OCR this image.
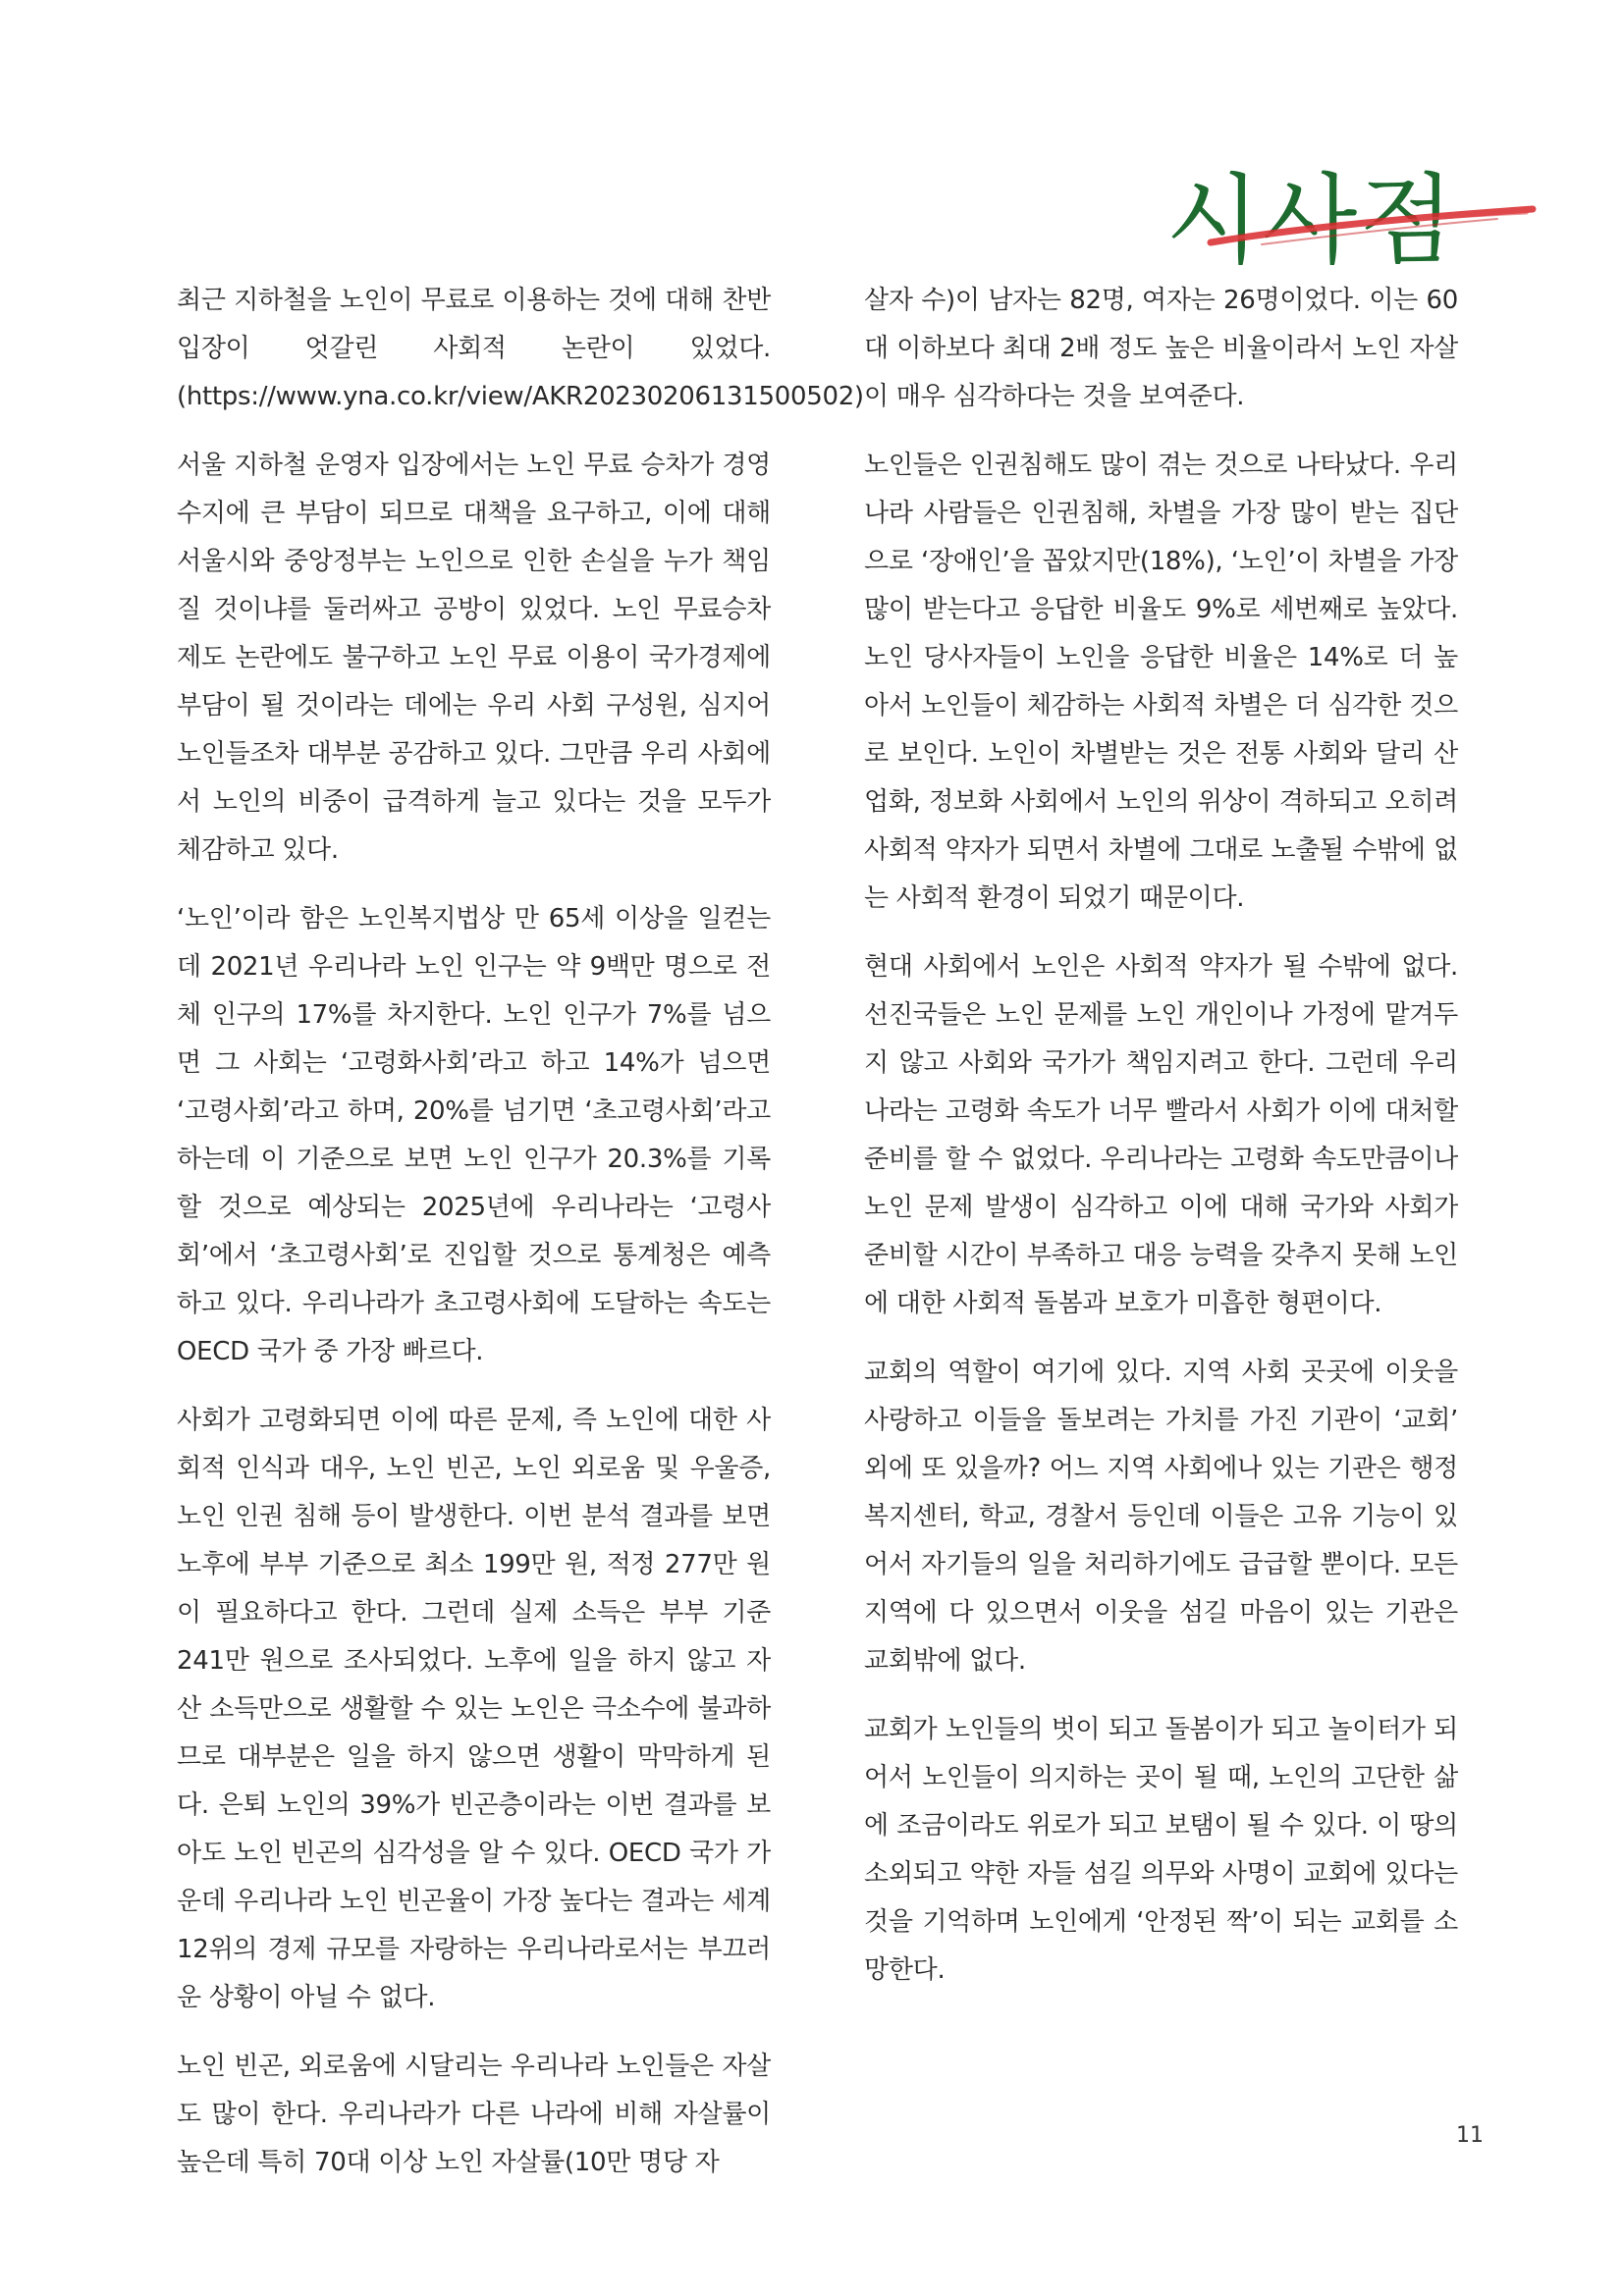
시사점

최근 지하철을 노인이 무료로 이용하는 것에 대해 찬반 입장이 엇갈린 사회적 논란이 있었다. (https://www.yna.co.kr/view/AKR20230206131500502)

서울 지하철 운영자 입장에서는 노인 무료 승차가 경영 수지에 큰 부담이 되므로 대책을 요구하고, 이에 대해 서울시와 중앙정부는 노인으로 인한 손실을 누가 책임질 것이냐를 둘러싸고 공방이 있었다. 노인 무료승차 제도 논란에도 불구하고 노인 무료 이용이 국가경제에 부담이 될 것이라는 데에는 우리 사회 구성원, 심지어 노인들조차 대부분 공감하고 있다. 그만큼 우리 사회에서 노인의 비중이 급격하게 늘고 있다는 것을 모두가 체감하고 있다.

‘노인’이라 함은 노인복지법상 만 65세 이상을 일컫는데 2021년 우리나라 노인 인구는 약 9백만 명으로 전체 인구의 17%를 차지한다. 노인 인구가 7%를 넘으면 그 사회는 ‘고령화사회’라고 하고 14%가 넘으면 ‘고령사회’라고 하며, 20%를 넘기면 ‘초고령사회’라고 하는데 이 기준으로 보면 노인 인구가 20.3%를 기록할 것으로 예상되는 2025년에 우리나라는 ‘고령사회’에서 ‘초고령사회’로 진입할 것으로 통계청은 예측하고 있다. 우리나라가 초고령사회에 도달하는 속도는 OECD 국가 중 가장 빠르다.

사회가 고령화되면 이에 따른 문제, 즉 노인에 대한 사회적 인식과 대우, 노인 빈곤, 노인 외로움 및 우울증, 노인 인권 침해 등이 발생한다. 이번 분석 결과를 보면 노후에 부부 기준으로 최소 199만 원, 적정 277만 원이 필요하다고 한다. 그런데 실제 소득은 부부 기준 241만 원으로 조사되었다. 노후에 일을 하지 않고 자산 소득만으로 생활할 수 있는 노인은 극소수에 불과하므로 대부분은 일을 하지 않으면 생활이 막막하게 된다. 은퇴 노인의 39%가 빈곤층이라는 이번 결과를 보아도 노인 빈곤의 심각성을 알 수 있다. OECD 국가 가운데 우리나라 노인 빈곤율이 가장 높다는 결과는 세계 12위의 경제 규모를 자랑하는 우리나라로서는 부끄러운 상황이 아닐 수 없다.

노인 빈곤, 외로움에 시달리는 우리나라 노인들은 자살도 많이 한다. 우리나라가 다른 나라에 비해 자살률이 높은데 특히 70대 이상 노인 자살률(10만 명당 자

살자 수)이 남자는 82명, 여자는 26명이었다. 이는 60대 이하보다 최대 2배 정도 높은 비율이라서 노인 자살이 매우 심각하다는 것을 보여준다.

노인들은 인권침해도 많이 겪는 것으로 나타났다. 우리나라 사람들은 인권침해, 차별을 가장 많이 받는 집단으로 ‘장애인’을 꼽았지만(18%), ‘노인’이 차별을 가장 많이 받는다고 응답한 비율도 9%로 세번째로 높았다. 노인 당사자들이 노인을 응답한 비율은 14%로 더 높아서 노인들이 체감하는 사회적 차별은 더 심각한 것으로 보인다. 노인이 차별받는 것은 전통 사회와 달리 산업화, 정보화 사회에서 노인의 위상이 격하되고 오히려 사회적 약자가 되면서 차별에 그대로 노출될 수밖에 없는 사회적 환경이 되었기 때문이다.

현대 사회에서 노인은 사회적 약자가 될 수밖에 없다. 선진국들은 노인 문제를 노인 개인이나 가정에 맡겨두지 않고 사회와 국가가 책임지려고 한다. 그런데 우리나라는 고령화 속도가 너무 빨라서 사회가 이에 대처할 준비를 할 수 없었다. 우리나라는 고령화 속도만큼이나 노인 문제 발생이 심각하고 이에 대해 국가와 사회가 준비할 시간이 부족하고 대응 능력을 갖추지 못해 노인에 대한 사회적 돌봄과 보호가 미흡한 형편이다.

교회의 역할이 여기에 있다. 지역 사회 곳곳에 이웃을 사랑하고 이들을 돌보려는 가치를 가진 기관이 ‘교회’ 외에 또 있을까? 어느 지역 사회에나 있는 기관은 행정복지센터, 학교, 경찰서 등인데 이들은 고유 기능이 있어서 자기들의 일을 처리하기에도 급급할 뿐이다. 모든 지역에 다 있으면서 이웃을 섬길 마음이 있는 기관은 교회밖에 없다.

교회가 노인들의 벗이 되고 돌봄이가 되고 놀이터가 되어서 노인들이 의지하는 곳이 될 때, 노인의 고단한 삶에 조금이라도 위로가 되고 보탬이 될 수 있다. 이 땅의 소외되고 약한 자들 섬길 의무와 사명이 교회에 있다는 것을 기억하며 노인에게 ‘안정된 짝’이 되는 교회를 소망한다.

11
